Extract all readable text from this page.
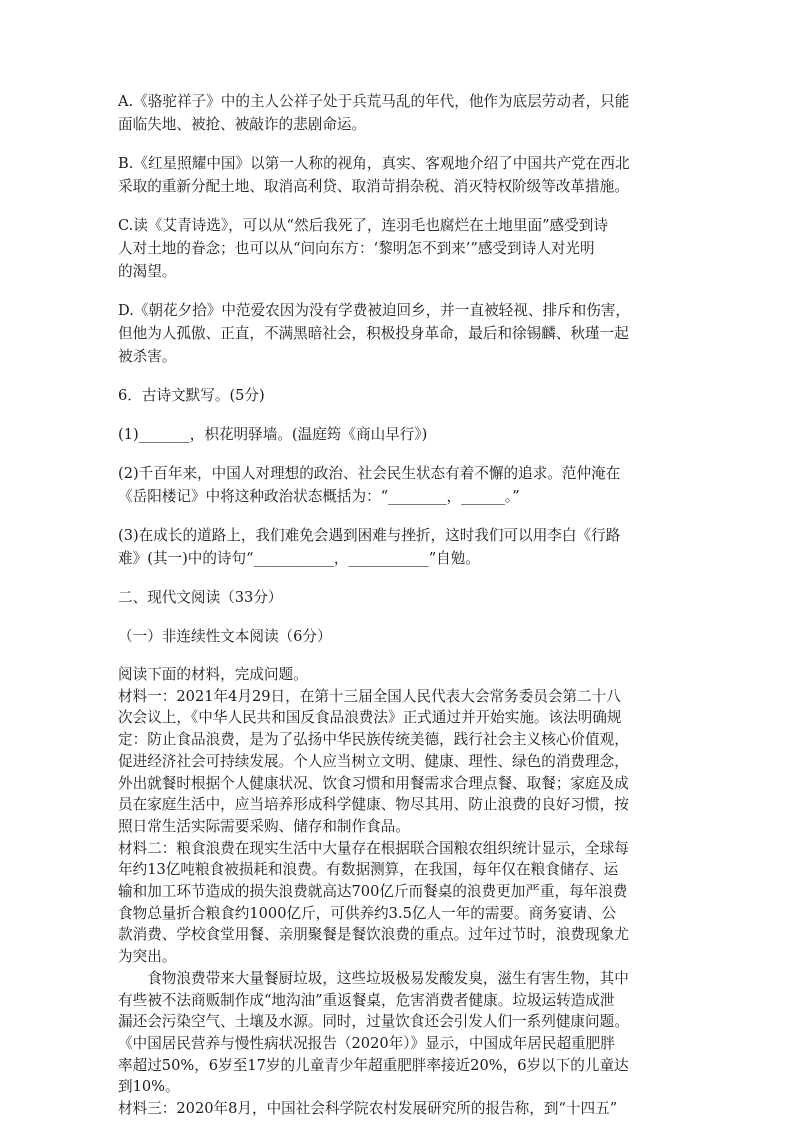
A.《骆驼祥子》中的主人公祥子处于兵荒马乱的年代，他作为底层劳动者，只能
面临失地、被抢、被敲诈的悲剧命运。

B.《红星照耀中国》以第一人称的视角，真实、客观地介绍了中国共产党在西北
采取的重新分配土地、取消高利贷、取消苛捐杂税、消灭特权阶级等改革措施。

C.读《艾青诗选》，可以从“然后我死了，连羽毛也腐烂在土地里面”感受到诗
人对土地的眷念；也可以从“问向东方：‘黎明怎不到来’”感受到诗人对光明
的渴望。

D.《朝花夕拾》中范爱农因为没有学费被迫回乡，并一直被轻视、排斥和伤害，
但他为人孤傲、正直，不满黑暗社会，积极投身革命，最后和徐锡麟、秋瑾一起
被杀害。

6．古诗文默写。(5分)

(1)_______，枳花明驿墙。(温庭筠《商山早行》)

(2)千百年来，中国人对理想的政治、社会民生状态有着不懈的追求。范仲淹在
《岳阳楼记》中将这种政治状态概括为：“________，______。”

(3)在成长的道路上，我们难免会遇到困难与挫折，这时我们可以用李白《行路
难》(其一)中的诗句“___________，___________”自勉。

二、现代文阅读（33分）

（一）非连续性文本阅读（6分）

阅读下面的材料，完成问题。

材料一：2021年4月29日，在第十三届全国人民代表大会常务委员会第二十八
次会议上，《中华人民共和国反食品浪费法》正式通过并开始实施。该法明确规
定：防止食品浪费，是为了弘扬中华民族传统美德，践行社会主义核心价值观，
促进经济社会可持续发展。个人应当树立文明、健康、理性、绿色的消费理念，
外出就餐时根据个人健康状况、饮食习惯和用餐需求合理点餐、取餐；家庭及成
员在家庭生活中，应当培养形成科学健康、物尽其用、防止浪费的良好习惯，按
照日常生活实际需要采购、储存和制作食品。

材料二：粮食浪费在现实生活中大量存在根据联合国粮农组织统计显示，全球每
年约13亿吨粮食被损耗和浪费。有数据测算，在我国，每年仅在粮食储存、运
输和加工环节造成的损失浪费就高达700亿斤而餐桌的浪费更加严重，每年浪费
食物总量折合粮食约1000亿斤，可供养约3.5亿人一年的需要。商务宴请、公
款消费、学校食堂用餐、亲朋聚餐是餐饮浪费的重点。过年过节时，浪费现象尤
为突出。

食物浪费带来大量餐厨垃圾，这些垃圾极易发酸发臭，滋生有害生物，其中
有些被不法商贩制作成“地沟油”重返餐桌，危害消费者健康。垃圾运转造成泄
漏还会污染空气、土壤及水源。同时，过量饮食还会引发人们一系列健康问题。
《中国居民营养与慢性病状况报告（2020年）》显示，中国成年居民超重肥胖
率超过50%，6岁至17岁的儿童青少年超重肥胖率接近20%，6岁以下的儿童达
到10%。

材料三：2020年8月，中国社会科学院农村发展研究所的报告称，到“十四五”
